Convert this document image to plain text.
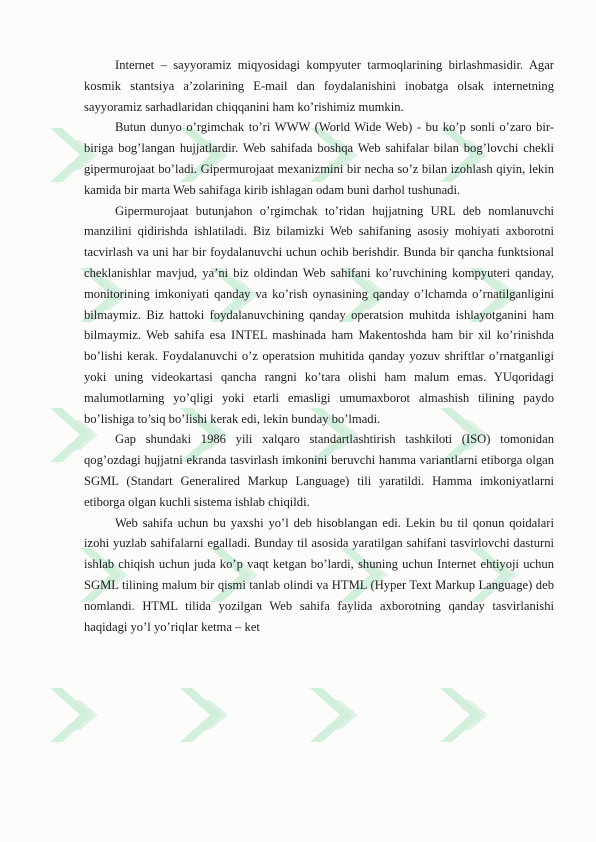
Internet – sayyoramiz miqyosidagi kompyuter tarmoqlarining birlashmasidir. Agar kosmik stantsiya a’zolarining E-mail dan foydalanishini inobatga olsak internetning sayyoramiz sarhadlaridan chiqqanini ham ko’rishimiz mumkin.

Butun dunyo o’rgimchak to’ri WWW (World Wide Web) - bu ko’p sonli o’zaro bir-biriga bog’langan hujjatlardir. Web sahifada boshqa Web sahifalar bilan bog’lovchi chekli gipermurojaat bo’ladi. Gipermurojaat mexanizmini bir necha so’z bilan izohlash qiyin, lekin kamida bir marta Web sahifaga kirib ishlagan odam buni darhol tushunadi.

Gipermurojaat butunjahon o’rgimchak to’ridan hujjatning URL deb nomlanuvchi manzilini qidirishda ishlatiladi. Biz bilamizki Web sahifaning asosiy mohiyati axborotni tacvirlash va uni har bir foydalanuvchi uchun ochib berishdir. Bunda bir qancha funktsional cheklanishlar mavjud, ya’ni biz oldindan Web sahifani ko’ruvchining kompyuteri qanday, monitorining imkoniyati qanday va ko’rish oynasining qanday o’lchamda o’rnatilganligini bilmaymiz. Biz hattoki foydalanuvchining qanday operatsion muhitda ishlayotganini ham bilmaymiz. Web sahifa esa INTEL mashinada ham Makentoshda ham bir xil ko’rinishda bo’lishi kerak. Foydalanuvchi o’z operatsion muhitida qanday yozuv shriftlar o’rnatganligi yoki uning videokartasi qancha rangni ko’tara olishi ham malum emas. YUqoridagi malumotlarning yo’qligi yoki etarli emasligi umumaxborot almashish tilining paydo bo’lishiga to’siq bo’lishi kerak edi, lekin bunday bo’lmadi.

Gap shundaki 1986 yili xalqaro standartlashtirish tashkiloti (ISO) tomonidan qog’ozdagi hujjatni ekranda tasvirlash imkonini beruvchi hamma variantlarni etiborga olgan SGML (Standart Generalired Markup Language) tili yaratildi. Hamma imkoniyatlarni etiborga olgan kuchli sistema ishlab chiqildi.

Web sahifa uchun bu yaxshi yo’l deb hisoblangan edi. Lekin bu til qonun qoidalari izohi yuzlab sahifalarni egalladi. Bunday til asosida yaratilgan sahifani tasvirlovchi dasturni ishlab chiqish uchun juda ko’p vaqt ketgan bo’lardi, shuning uchun Internet ehtiyoji uchun SGML tilining malum bir qismi tanlab olindi va HTML (Hyper Text Markup Language) deb nomlandi. HTML tilida yozilgan Web sahifa faylida axborotning qanday tasvirlanishi haqidagi yo’l yo’riqlar ketma – ket
